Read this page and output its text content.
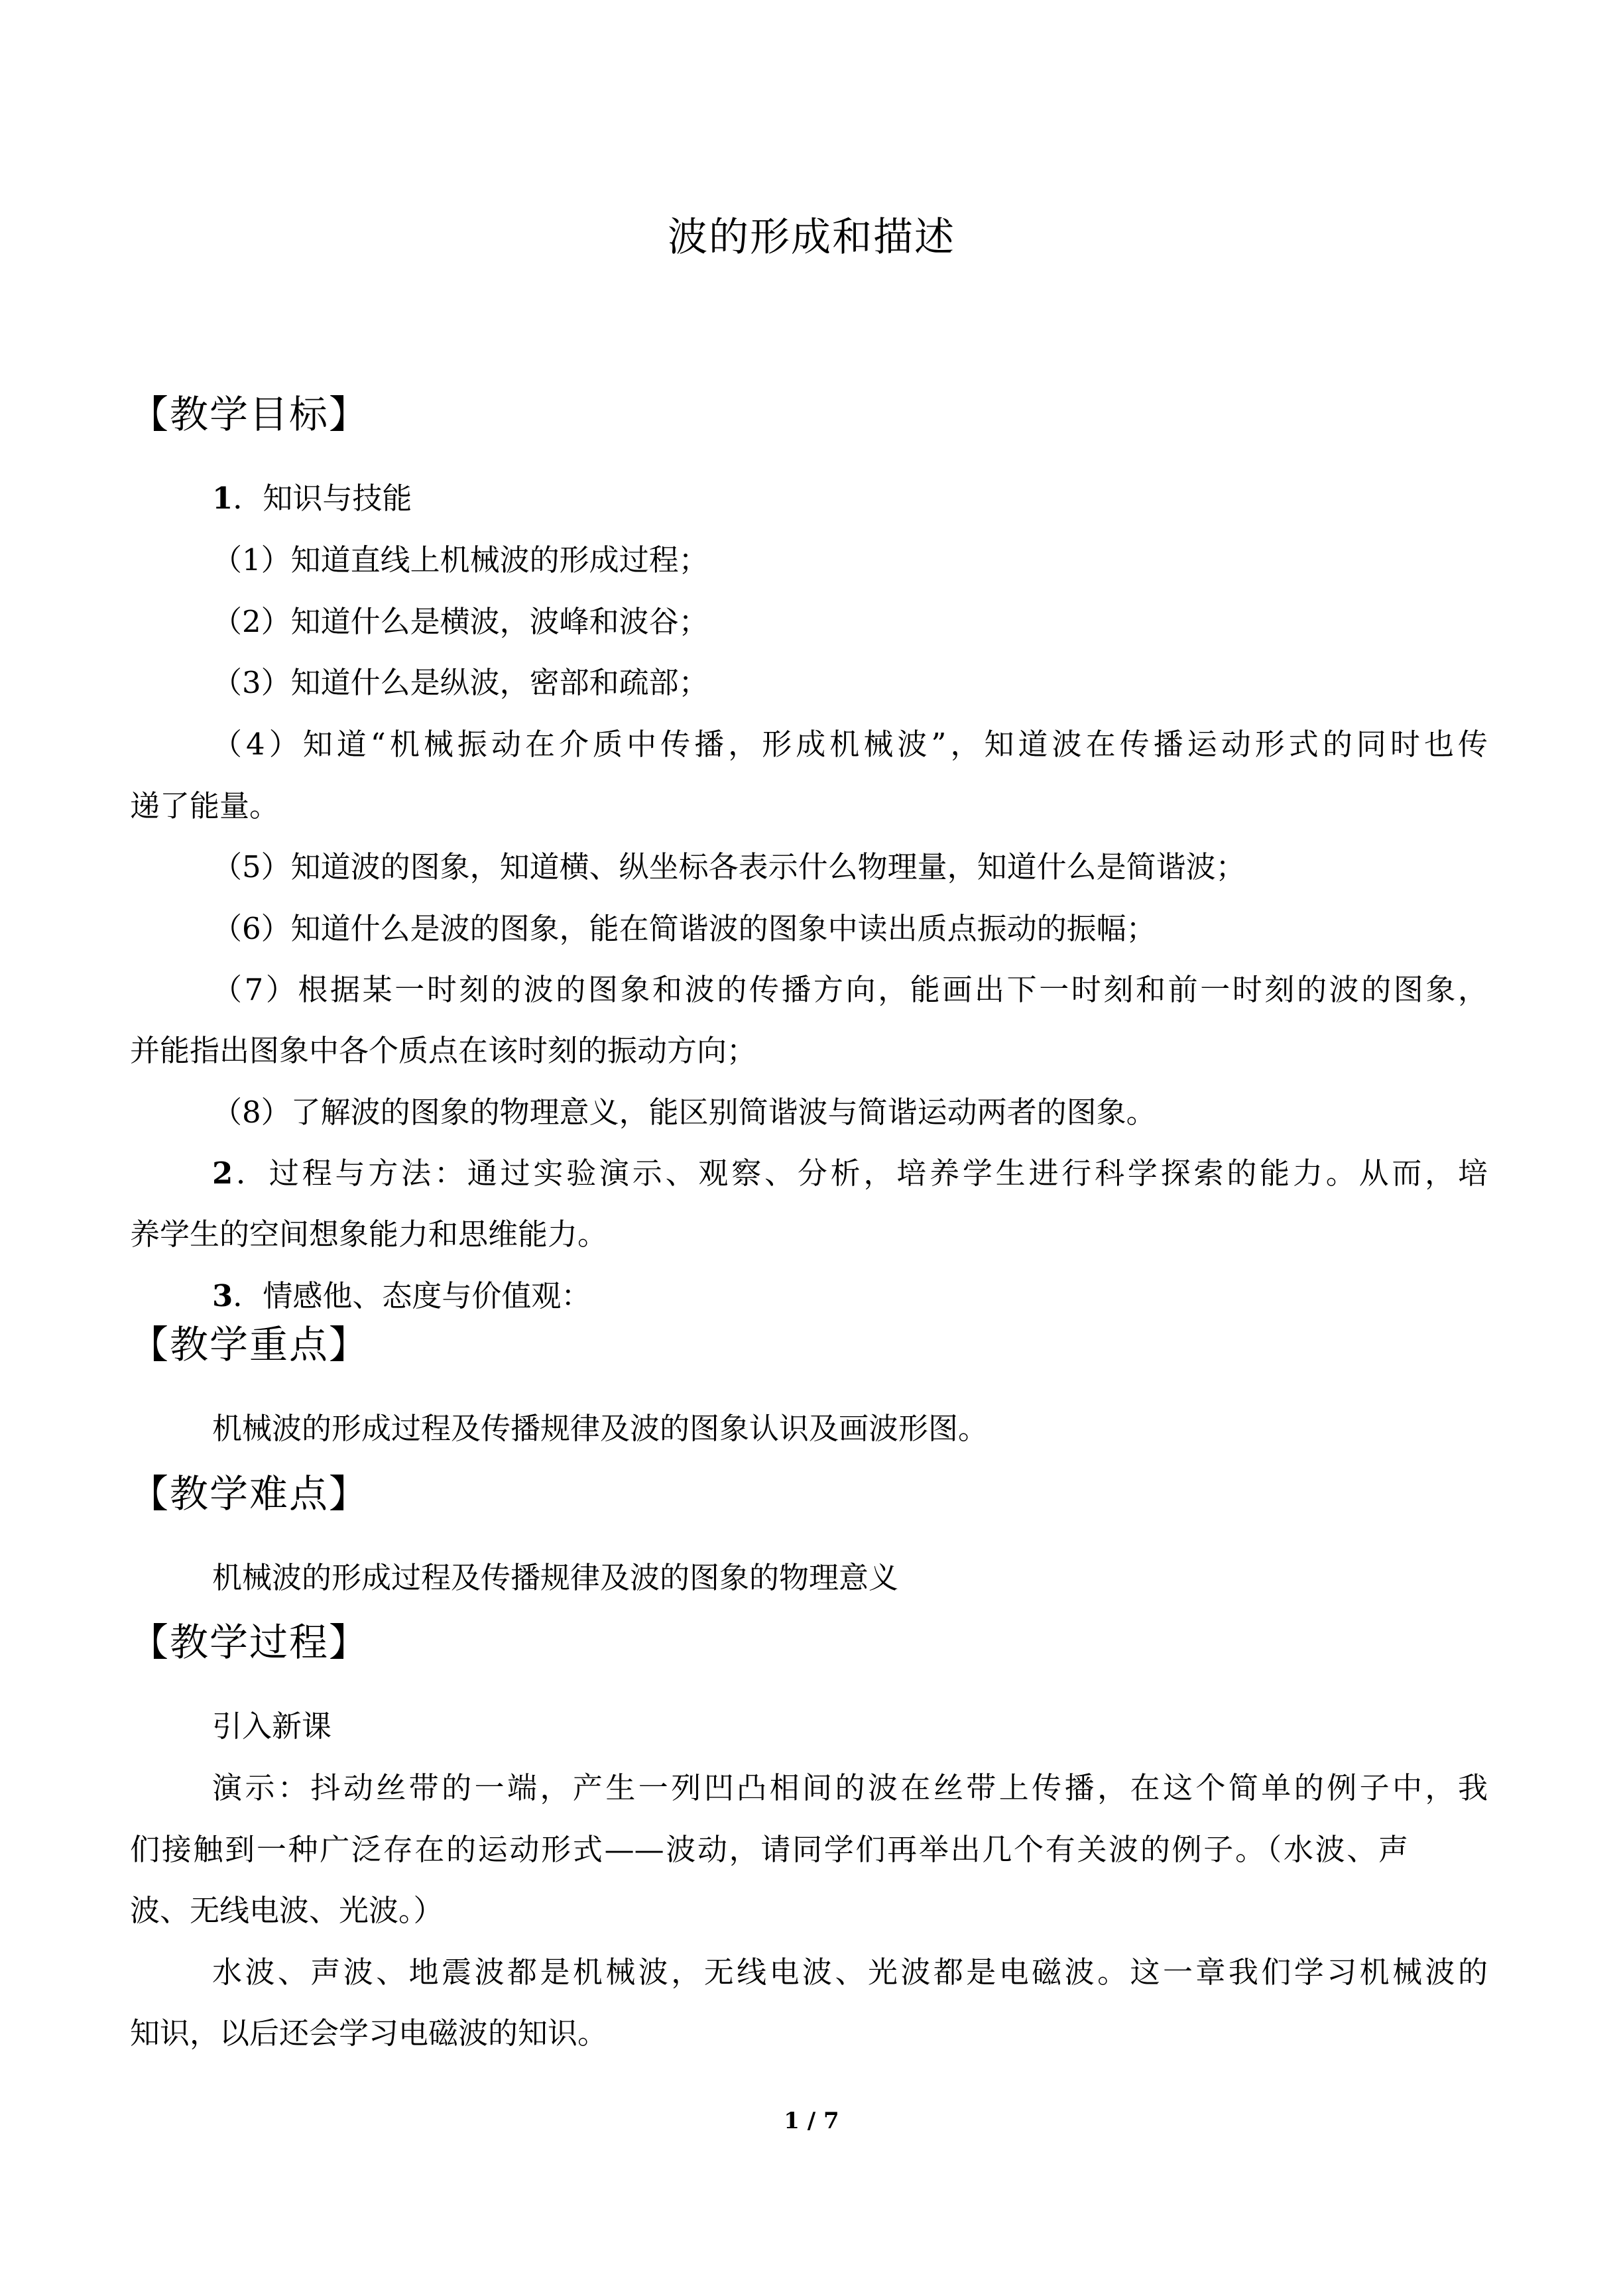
波的形成和描述
【教学目标】
1．知识与技能
（1）知道直线上机械波的形成过程；
（2）知道什么是横波，波峰和波谷；
（3）知道什么是纵波，密部和疏部；
（4）知道“机械振动在介质中传播，形成机械波”，知道波在传播运动形式的同时也传
递了能量。
（5）知道波的图象，知道横、纵坐标各表示什么物理量，知道什么是简谐波；
（6）知道什么是波的图象，能在简谐波的图象中读出质点振动的振幅；
（7）根据某一时刻的波的图象和波的传播方向，能画出下一时刻和前一时刻的波的图象，
并能指出图象中各个质点在该时刻的振动方向；
（8）了解波的图象的物理意义，能区别简谐波与简谐运动两者的图象。
2．过程与方法：通过实验演示、观察、分析，培养学生进行科学探索的能力。从而，培
养学生的空间想象能力和思维能力。
3．情感他、态度与价值观：
【教学重点】
机械波的形成过程及传播规律及波的图象认识及画波形图。
【教学难点】
机械波的形成过程及传播规律及波的图象的物理意义
【教学过程】
引入新课
演示：抖动丝带的一端，产生一列凹凸相间的波在丝带上传播，在这个简单的例子中，我
们接触到一种广泛存在的运动形式——波动，请同学们再举出几个有关波的例子。（水波、声
波、无线电波、光波。）
水波、声波、地震波都是机械波，无线电波、光波都是电磁波。这一章我们学习机械波的
知识，以后还会学习电磁波的知识。
1 / 7
